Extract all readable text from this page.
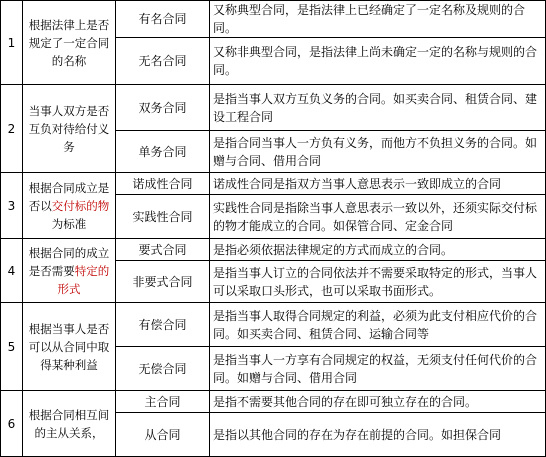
1	根据法律上是否规定了一定合同的名称	有名合同	又称典型合同，是指法律上已经确定了一定名称及规则的合同。
		无名合同	又称非典型合同，是指法律上尚未确定一定的名称与规则的合同。
2	当事人双方是否互负对待给付义务	双务合同	是指当事人双方互负义务的合同。如买卖合同、租赁合同、建设工程合同
		单务合同	是指合同当事人一方负有义务，而他方不负担义务的合同。如赠与合同、借用合同
3	根据合同成立是否以交付标的物为标准	诺成性合同	诺成性合同是指双方当事人意思表示一致即成立的合同
		实践性合同	实践性合同是指除当事人意思表示一致以外，还须实际交付标的物才能成立的合同。如保管合同、定金合同
4	根据合同的成立是否需要特定的形式	要式合同	是指必须依据法律规定的方式而成立的合同。
		非要式合同	是指当事人订立的合同依法并不需要采取特定的形式，当事人可以采取口头形式，也可以采取书面形式。
5	根据当事人是否可以从合同中取得某种利益	有偿合同	是指当事人取得合同规定的利益，必须为此支付相应代价的合同。如买卖合同、租赁合同、运输合同等
		无偿合同	是指当事人一方享有合同规定的权益，无须支付任何代价的合同。如赠与合同、借用合同
6	根据合同相互间的主从关系，	主合同	是指不需要其他合同的存在即可独立存在的合同。
		从合同	是指以其他合同的存在为存在前提的合同。如担保合同
